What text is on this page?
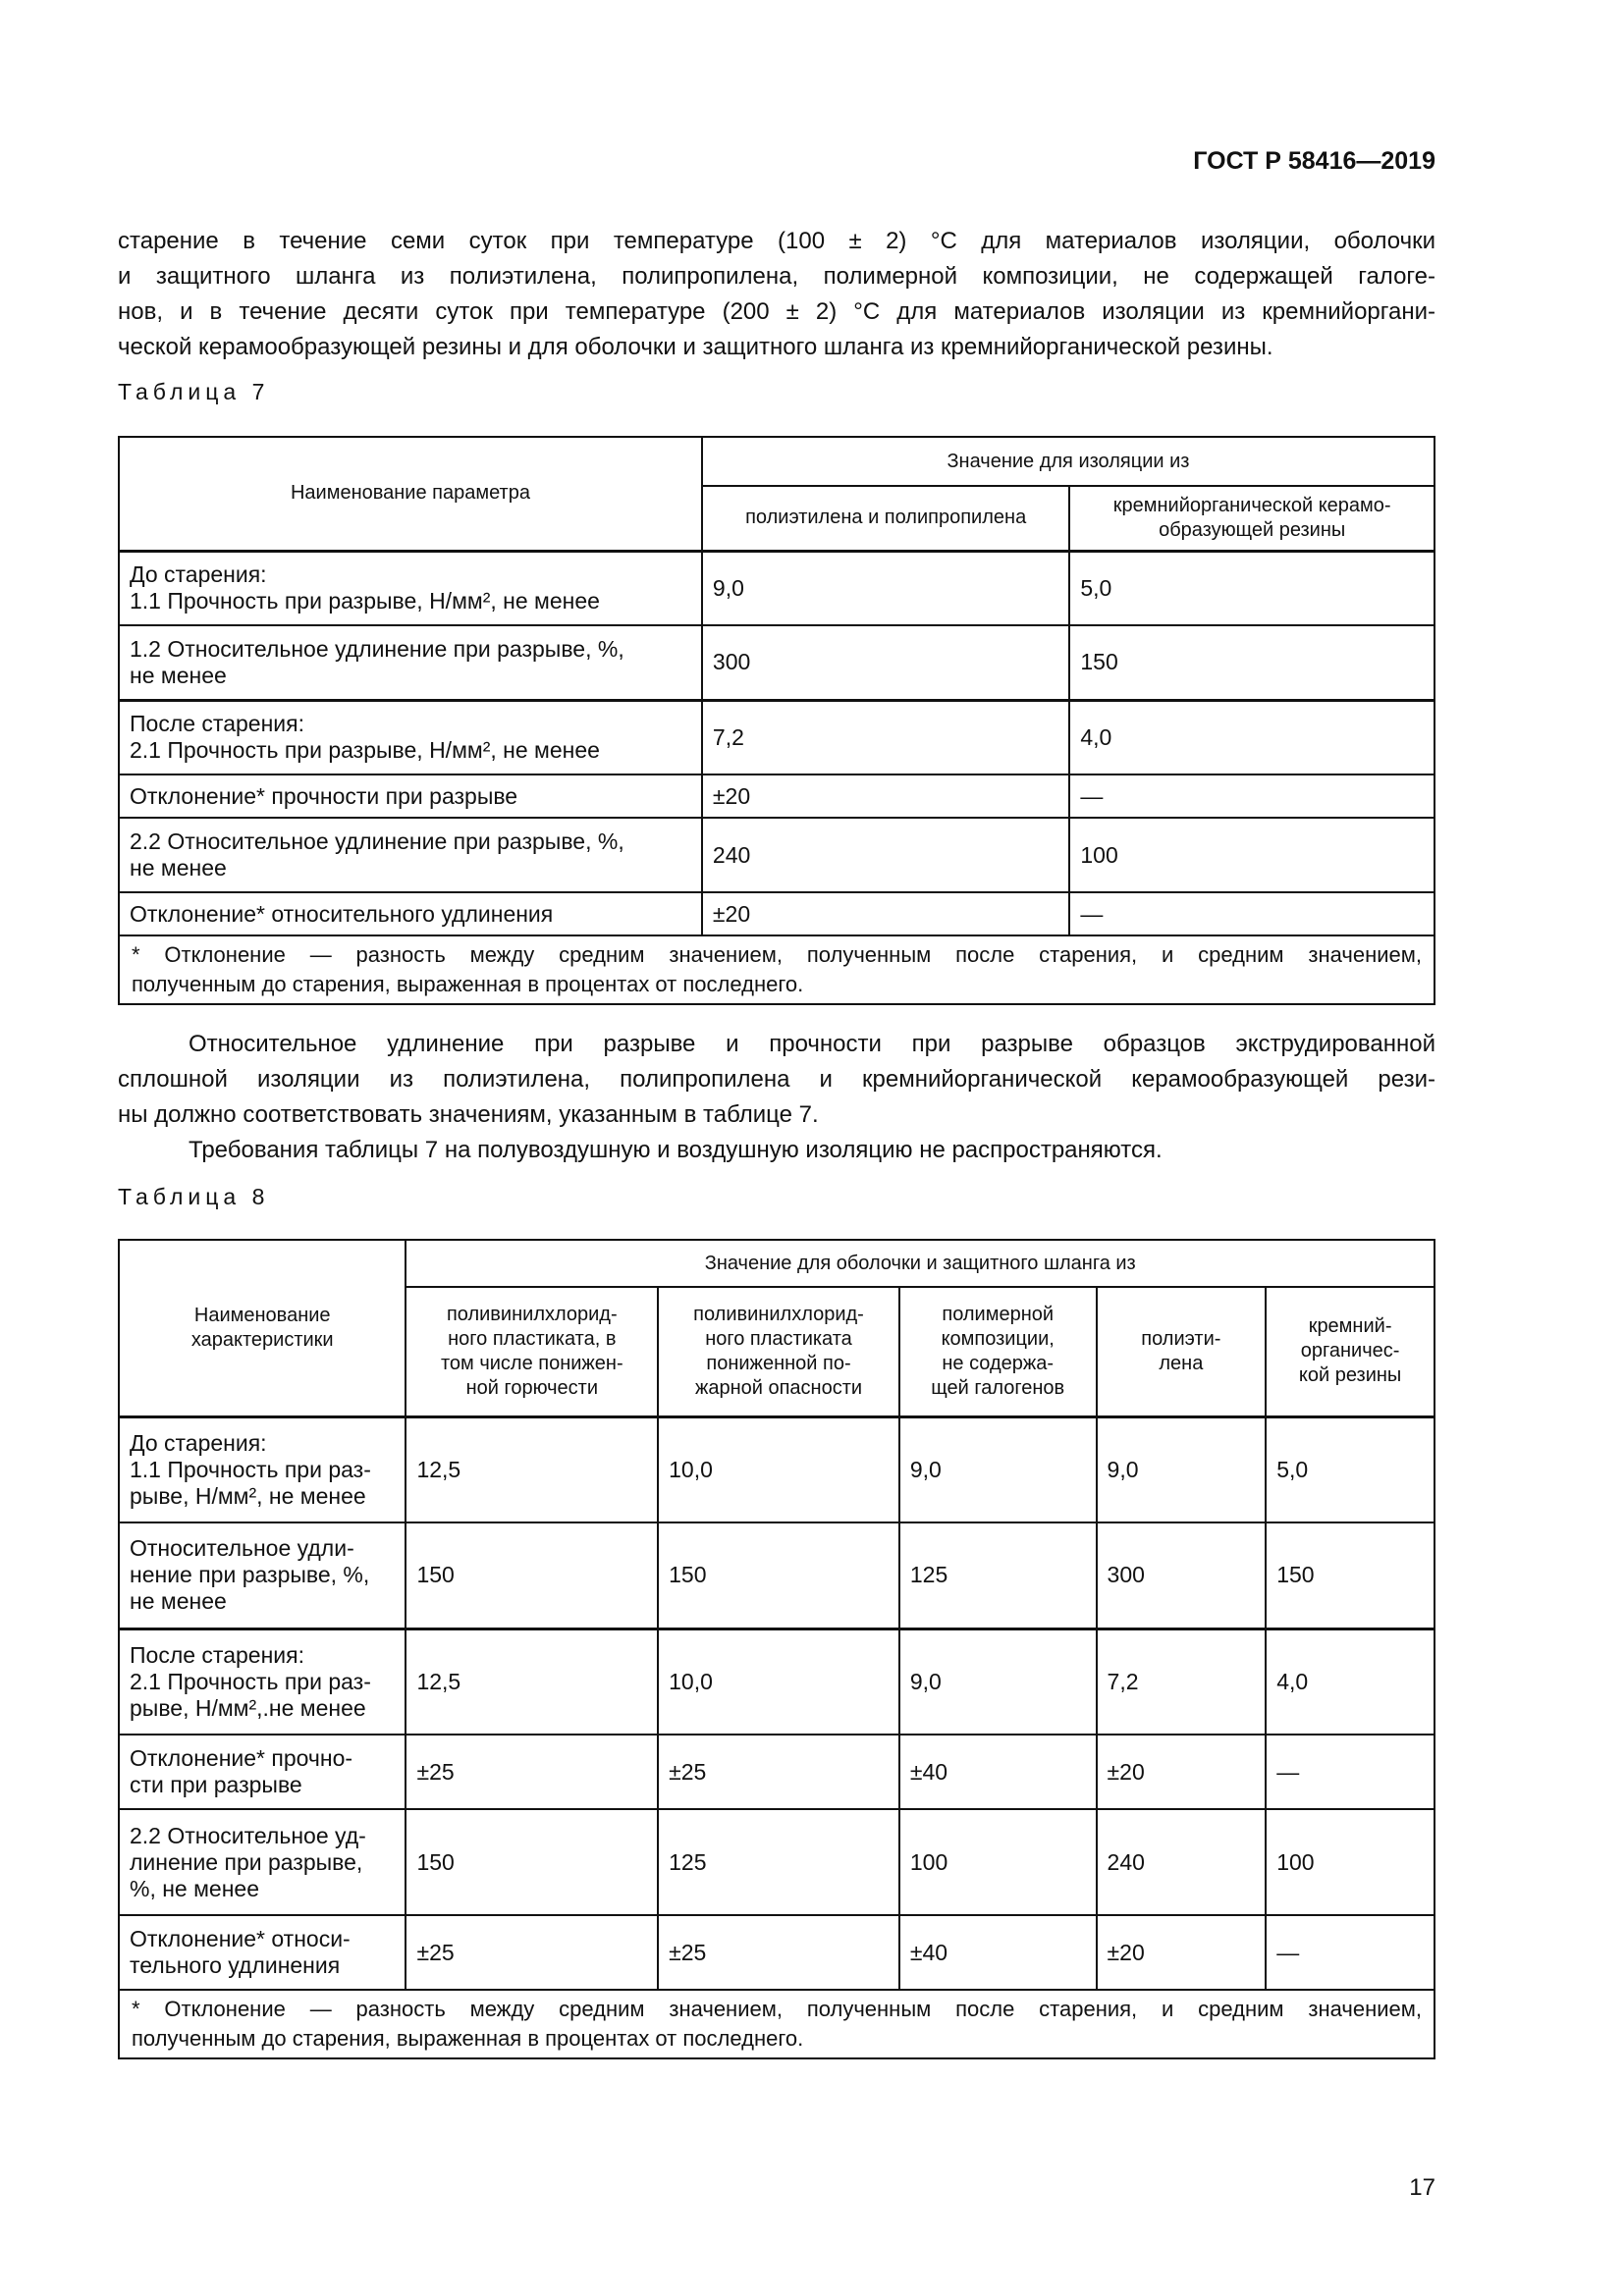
ГОСТ Р 58416—2019
старение в течение семи суток при температуре (100 ± 2) °С для материалов изоляции, оболочки
и защитного шланга из полиэтилена, полипропилена, полимерной композиции, не содержащей галоге-
нов, и в течение десяти суток при температуре (200 ± 2) °С для материалов изоляции из кремнийоргани-
ческой керамообразующей резины и для оболочки и защитного шланга из кремнийорганической резины.
Таблица 7
Наименование параметра	Значение для изоляции из	
	полиэтилена и полипропилена	кремнийорганической керамо-образующей резины

До старения:
1.1 Прочность при разрыве, Н/мм², не менее	9,0	5,0

1.2 Относительное удлинение при разрыве, %,
не менее	300	150

После старения:
2.1 Прочность при разрыве, Н/мм², не менее	7,2	4,0

Отклонение* прочности при разрыве	±20	—

2.2 Относительное удлинение при разрыве, %,
не менее	240	100

Отклонение* относительного удлинения	±20	—

* Отклонение — разность между средним значением, полученным после старения, и средним значением,
полученным до старения, выраженная в процентах от последнего.		
Относительное удлинение при разрыве и прочности при разрыве образцов экструдированной
сплошной изоляции из полиэтилена, полипропилена и кремнийорганической керамообразующей рези-
ны должно соответствовать значениям, указанным в таблице 7.
Требования таблицы 7 на полувоздушную и воздушную изоляцию не распространяются.
Таблица 8
Наименование
характеристики	Значение для оболочки и защитного шланга из				

	поливинилхлорид-
ного пластиката, в
том числе понижен-
ной горючести	поливинилхлорид-
ного пластиката
пониженной по-
жарной опасности	полимерной
композиции,
не содержа-
щей галогенов	полиэти-
лена	кремний-
органичес-
кой резины

До старения:
1.1 Прочность при раз-
рыве, Н/мм², не менее	12,5	10,0	9,0	9,0	5,0

Относительное удли-
нение при разрыве, %,
не менее	150	150	125	300	150

После старения:
2.1 Прочность при раз-
рыве, Н/мм²,.не менее	12,5	10,0	9,0	7,2	4,0

Отклонение* прочно-
сти при разрыве	±25	±25	±40	±20	—

2.2 Относительное уд-
линение при разрыве,
%, не менее	150	125	100	240	100

Отклонение* относи-
тельного удлинения	±25	±25	±40	±20	—

* Отклонение — разность между средним значением, полученным после старения, и средним значением,
полученным до старения, выраженная в процентах от последнего.					
17
